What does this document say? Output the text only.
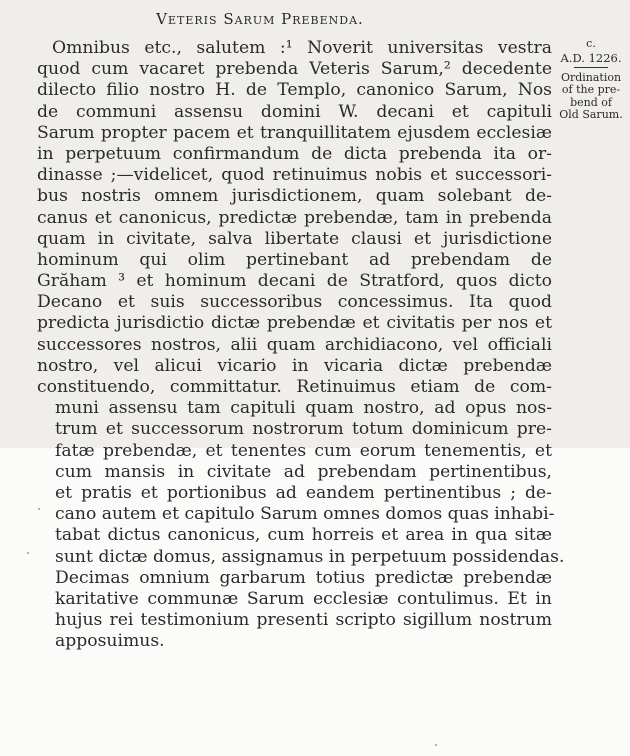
Veteris Sarum Prebenda.
Omnibus etc., salutem :¹ Noverit universitas vestra
quod cum vacaret prebenda Veteris Sarum,² decedente
dilecto filio nostro H. de Templo, canonico Sarum, Nos
de communi assensu domini W. decani et capituli
Sarum propter pacem et tranquillitatem ejusdem ecclesiæ
in perpetuum confirmandum de dicta prebenda ita or-
dinasse ;—videlicet, quod retinuimus nobis et successori-
bus nostris omnem jurisdictionem, quam solebant de-
canus et canonicus, predictæ prebendæ, tam in prebenda
quam in civitate, salva libertate clausi et jurisdictione
hominum qui olim pertinebant ad prebendam de
Grăham ³ et hominum decani de Stratford, quos dicto
Decano et suis successoribus concessimus. Ita quod
predicta jurisdictio dictæ prebendæ et civitatis per nos et
successores nostros, alii quam archidiacono, vel officiali
nostro, vel alicui vicario in vicaria dictæ prebendæ
constituendo, committatur. Retinuimus etiam de com-
muni assensu tam capituli quam nostro, ad opus nos-
trum et successorum nostrorum totum dominicum pre-
fatæ prebendæ, et tenentes cum eorum tenementis, et
cum mansis in civitate ad prebendam pertinentibus,
et pratis et portionibus ad eandem pertinentibus ; de-
cano autem et capitulo Sarum omnes domos quas inhabi-
tabat dictus canonicus, cum horreis et area in qua sitæ
sunt dictæ domus, assignamus in perpetuum possidendas.
Decimas omnium garbarum totius predictæ prebendæ
karitative communæ Sarum ecclesiæ contulimus. Et in
hujus rei testimonium presenti scripto sigillum nostrum
apposuimus.
c.
A.D. 1226.
Ordination
of the pre-
bend of
Old Sarum.
